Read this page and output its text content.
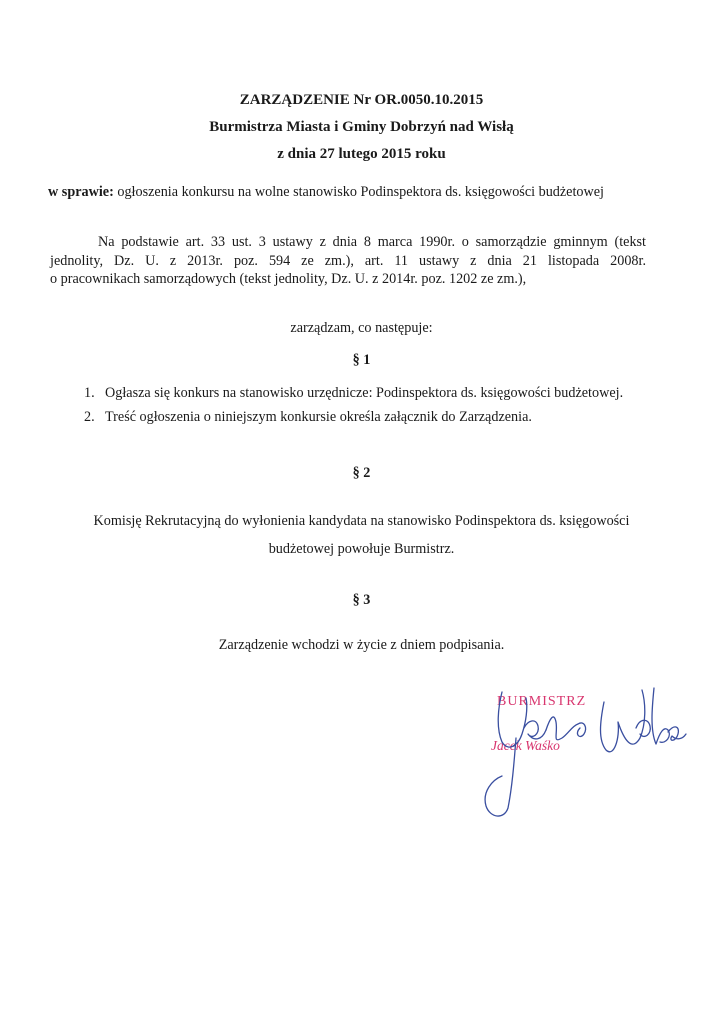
ZARZĄDZENIE Nr OR.0050.10.2015
Burmistrza Miasta i Gminy Dobrzyń nad Wisłą
z dnia 27 lutego 2015 roku
w sprawie: ogłoszenia konkursu na wolne stanowisko Podinspektora ds. księgowości budżetowej
Na podstawie art. 33 ust. 3 ustawy z dnia 8 marca 1990r. o samorządzie gminnym (tekst
jednolity, Dz. U. z 2013r. poz. 594 ze zm.), art. 11 ustawy z dnia 21 listopada 2008r.
o pracownikach samorządowych (tekst jednolity, Dz. U. z 2014r. poz. 1202 ze zm.),
zarządzam, co następuje:
§ 1
1. Ogłasza się konkurs na stanowisko urzędnicze: Podinspektora ds. księgowości budżetowej.
2. Treść ogłoszenia o niniejszym konkursie określa załącznik do Zarządzenia.
§ 2
Komisję Rekrutacyjną do wyłonienia kandydata na stanowisko Podinspektora ds. księgowości
budżetowej powołuje Burmistrz.
§ 3
Zarządzenie wchodzi w życie z dniem podpisania.
BURMISTRZ
Jacek Waśko
